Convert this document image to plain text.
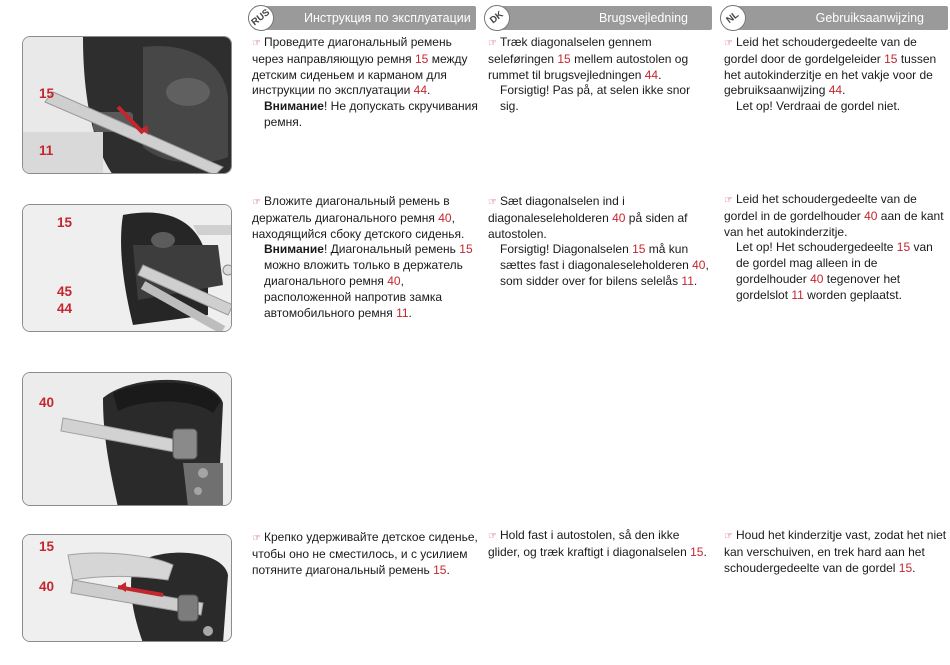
RUS	Инструкция по эксплуатации	DK	Brugsvejledning	NL	Gebruiksaanwijzing
15
11
15
45
44
40
15
40

☞ Проведите диагональный ремень через направляющую ремня 15 между детским сиденьем и карманом для инструкции по эксплуатации 44.

Внимание! Не допускать скручивания ремня.

☞ Вложите диагональный ремень в держатель диагонального ремня 40, находящийся сбоку детского сиденья.

Внимание! Диагональный ремень 15 можно вложить только в держатель диагонального ремня 40, расположенной напротив замка автомобильного ремня 11.

☞ Крепко удерживайте детское сиденье, чтобы оно не сместилось, и с усилием потяните диагональный ремень 15.

☞ Træk diagonalselen gennem seleføringen 15 mellem autostolen og rummet til brugsvejledningen 44.

Forsigtig! Pas på, at selen ikke snor sig.

☞ Sæt diagonalselen ind i diagonaleseleholderen 40 på siden af autostolen.

Forsigtig! Diagonalselen 15 må kun sættes fast i diagonaleseleholderen 40, som sidder over for bilens selelås 11.

☞ Hold fast i autostolen, så den ikke glider, og træk kraftigt i diagonalselen 15.

☞ Leid het schoudergedeelte van de gordel door de gordelgeleider 15 tussen het autokinderzitje en het vakje voor de gebruiksaanwijzing 44.

Let op! Verdraai de gordel niet.

☞ Leid het schoudergedeelte van de gordel in de gordelhouder 40 aan de kant van het autokinderzitje.

Let op! Het schoudergedeelte 15 van de gordel mag alleen in de gordelhouder 40 tegenover het gordelslot 11 worden geplaatst.

☞ Houd het kinderzitje vast, zodat het niet kan verschuiven, en trek hard aan het schoudergedeelte van de gordel 15.
